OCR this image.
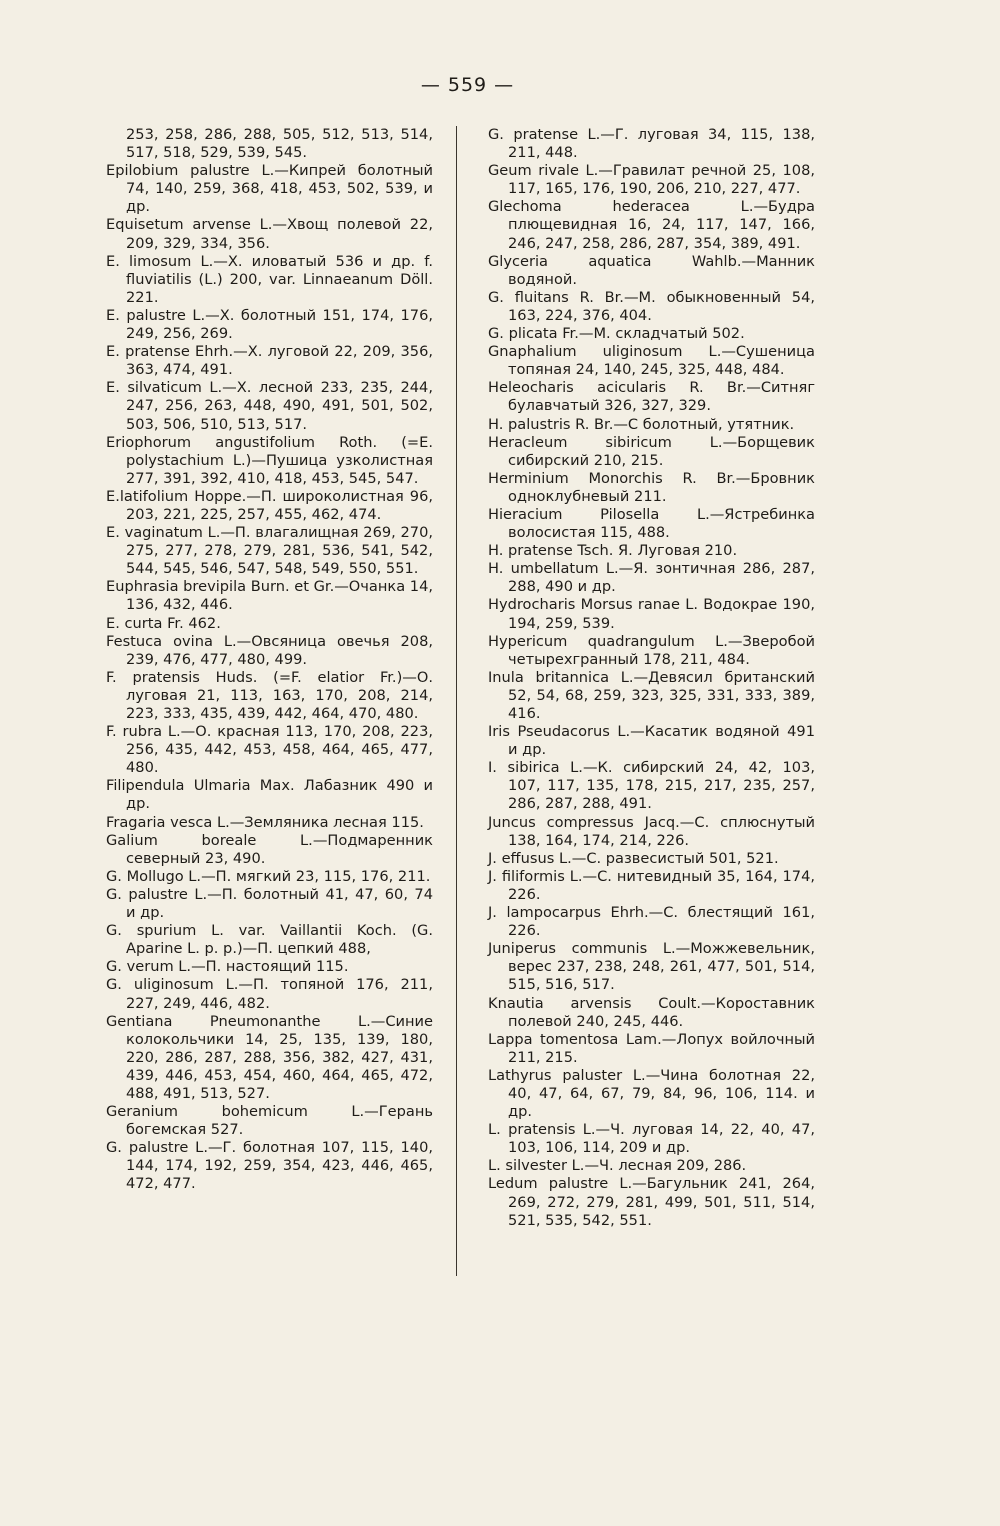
— 559 —

253, 258, 286, 288, 505, 512, 513, 514, 517, 518, 529, 539, 545.

Epilobium palustre L.—Кипрей болотный 74, 140, 259, 368, 418, 453, 502, 539, и др.

Equisetum arvense L.—Хвощ полевой 22, 209, 329, 334, 356.

E. limosum L.—Х. иловатый 536 и др. f. fluviatilis (L.) 200, var. Linnaeanum Döll. 221.

E. palustre L.—Х. болотный 151, 174, 176, 249, 256, 269.

E. pratense Ehrh.—Х. луговой 22, 209, 356, 363, 474, 491.

E. silvaticum L.—Х. лесной 233, 235, 244, 247, 256, 263, 448, 490, 491, 501, 502, 503, 506, 510, 513, 517.

Eriophorum angustifolium Roth. (=E. polystachium L.)—Пушица узколистная 277, 391, 392, 410, 418, 453, 545, 547.

E.latifolium Hoppe.—П. широколистная 96, 203, 221, 225, 257, 455, 462, 474.

E. vaginatum L.—П. влагалищная 269, 270, 275, 277, 278, 279, 281, 536, 541, 542, 544, 545, 546, 547, 548, 549, 550, 551.

Euphrasia brevipila Burn. et Gr.—Очанка 14, 136, 432, 446.

E. curta Fr. 462.

Festuca ovina L.—Овсяница овечья 208, 239, 476, 477, 480, 499.

F. pratensis Huds. (=F. elatior Fr.)—О. луговая 21, 113, 163, 170, 208, 214, 223, 333, 435, 439, 442, 464, 470, 480.

F. rubra L.—О. красная 113, 170, 208, 223, 256, 435, 442, 453, 458, 464, 465, 477, 480.

Filipendula Ulmaria Max. Лабазник 490 и др.

Fragaria vesca L.—Земляника лесная 115.

Galium boreale L.—Подмаренник северный 23, 490.

G. Mollugo L.—П. мягкий 23, 115, 176, 211.

G. palustre L.—П. болотный 41, 47, 60, 74 и др.

G. spurium L. var. Vaillantii Koch. (G. Aparine L. p. p.)—П. цепкий 488,

G. verum L.—П. настоящий 115.

G. uliginosum L.—П. топяной 176, 211, 227, 249, 446, 482.

Gentiana Pneumonanthe L.—Синие колокольчики 14, 25, 135, 139, 180, 220, 286, 287, 288, 356, 382, 427, 431, 439, 446, 453, 454, 460, 464, 465, 472, 488, 491, 513, 527.

Geranium bohemicum L.—Герань богемская 527.

G. palustre L.—Г. болотная 107, 115, 140, 144, 174, 192, 259, 354, 423, 446, 465, 472, 477.

G. pratense L.—Г. луговая 34, 115, 138, 211, 448.

Geum rivale L.—Гравилат речной 25, 108, 117, 165, 176, 190, 206, 210, 227, 477.

Glechoma hederacea L.—Будра плющевидная 16, 24, 117, 147, 166, 246, 247, 258, 286, 287, 354, 389, 491.

Glyceria aquatica Wahlb.—Манник водяной.

G. fluitans R. Br.—М. обыкновенный 54, 163, 224, 376, 404.

G. plicata Fr.—М. складчатый 502.

Gnaphalium uliginosum L.—Сушеница топяная 24, 140, 245, 325, 448, 484.

Heleocharis acicularis R. Br.—Ситняг булавчатый 326, 327, 329.

H. palustris R. Br.—С болотный, утятник.

Heracleum sibiricum L.—Борщевик сибирский 210, 215.

Herminium Monorchis R. Br.—Бровник одноклубневый 211.

Hieracium Pilosella L.—Ястребинка волосистая 115, 488.

H. pratense Tsch. Я. Луговая 210.

H. umbellatum L.—Я. зонтичная 286, 287, 288, 490 и др.

Hydrocharis Morsus ranae L. Водокрае 190, 194, 259, 539.

Hypericum quadrangulum L.—Зверобой четырехгранный 178, 211, 484.

Inula britannica L.—Девясил британский 52, 54, 68, 259, 323, 325, 331, 333, 389, 416.

Iris Pseudacorus L.—Касатик водяной 491 и др.

I. sibirica L.—К. сибирский 24, 42, 103, 107, 117, 135, 178, 215, 217, 235, 257, 286, 287, 288, 491.

Juncus compressus Jacq.—С. сплюснутый 138, 164, 174, 214, 226.

J. effusus L.—С. развесистый 501, 521.

J. filiformis L.—С. нитевидный 35, 164, 174, 226.

J. lampocarpus Ehrh.—С. блестящий 161, 226.

Juniperus communis L.—Можжевельник, верес 237, 238, 248, 261, 477, 501, 514, 515, 516, 517.

Knautia arvensis Coult.—Короставник полевой 240, 245, 446.

Lappa tomentosa Lam.—Лопух войлочный 211, 215.

Lathyrus paluster L.—Чина болотная 22, 40, 47, 64, 67, 79, 84, 96, 106, 114. и др.

L. pratensis L.—Ч. луговая 14, 22, 40, 47, 103, 106, 114, 209 и др.

L. silvester L.—Ч. лесная 209, 286.

Ledum palustre L.—Багульник 241, 264, 269, 272, 279, 281, 499, 501, 511, 514, 521, 535, 542, 551.
